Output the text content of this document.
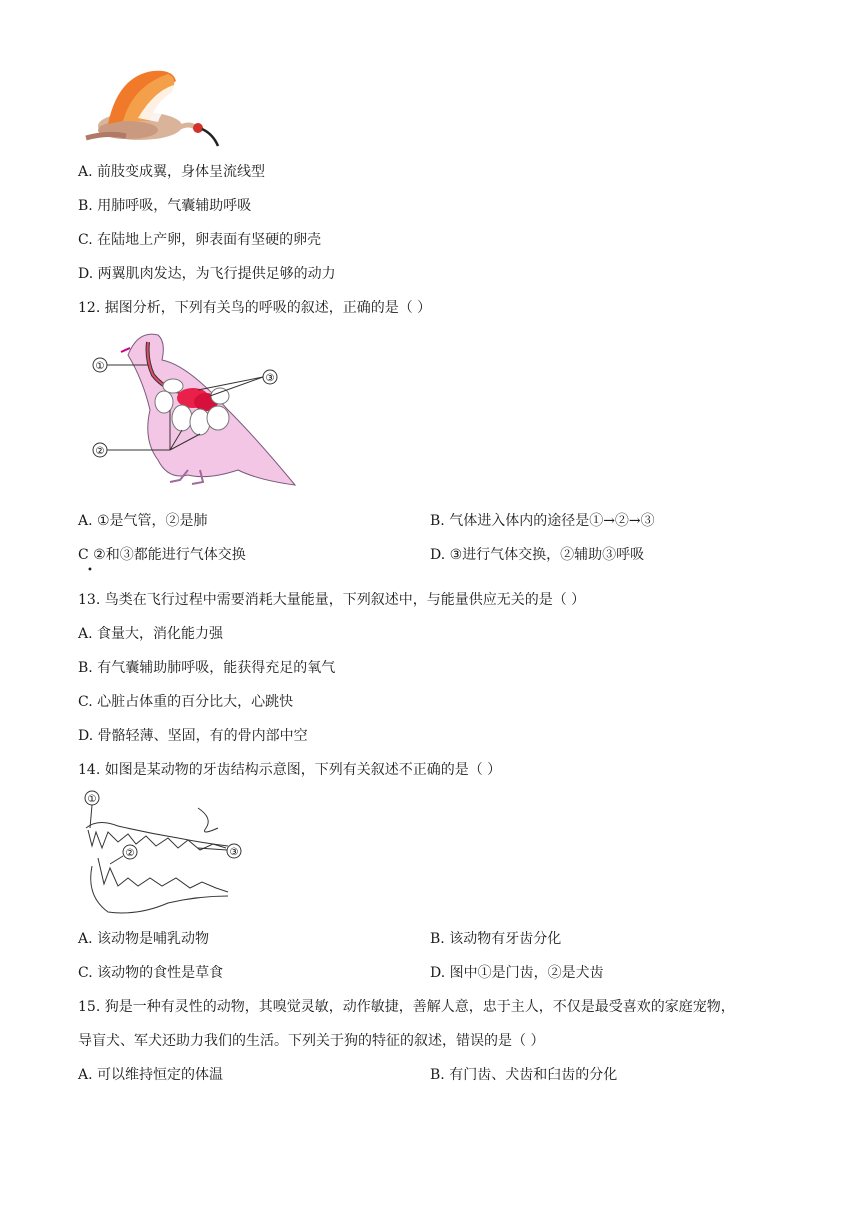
A. 前肢变成翼，身体呈流线型
B. 用肺呼吸，气囊辅助呼吸
C. 在陆地上产卵，卵表面有坚硬的卵壳
D. 两翼肌肉发达，为飞行提供足够的动力
12. 据图分析，下列有关鸟的呼吸的叙述，正确的是（ ）
①
③
②
A. ①是气管，②是肺	B. 气体进入体内的途径是①→②→③
C ②和③都能进行气体交换
•
D. ③进行气体交换，②辅助③呼吸
13. 鸟类在飞行过程中需要消耗大量能量，下列叙述中，与能量供应无关的是（ ）
A. 食量大，消化能力强
B. 有气囊辅助肺呼吸，能获得充足的氧气
C. 心脏占体重的百分比大，心跳快
D. 骨骼轻薄、坚固，有的骨内部中空
14. 如图是某动物的牙齿结构示意图，下列有关叙述不正确的是（ ）
①
②	③
A. 该动物是哺乳动物	B. 该动物有牙齿分化
C. 该动物的食性是草食	D. 图中①是门齿，②是犬齿
15. 狗是一种有灵性的动物，其嗅觉灵敏，动作敏捷，善解人意，忠于主人，不仅是最受喜欢的家庭宠物，
导盲犬、军犬还助力我们的生活。下列关于狗的特征的叙述，错误的是（ ）
A. 可以维持恒定的体温	B. 有门齿、犬齿和臼齿的分化
